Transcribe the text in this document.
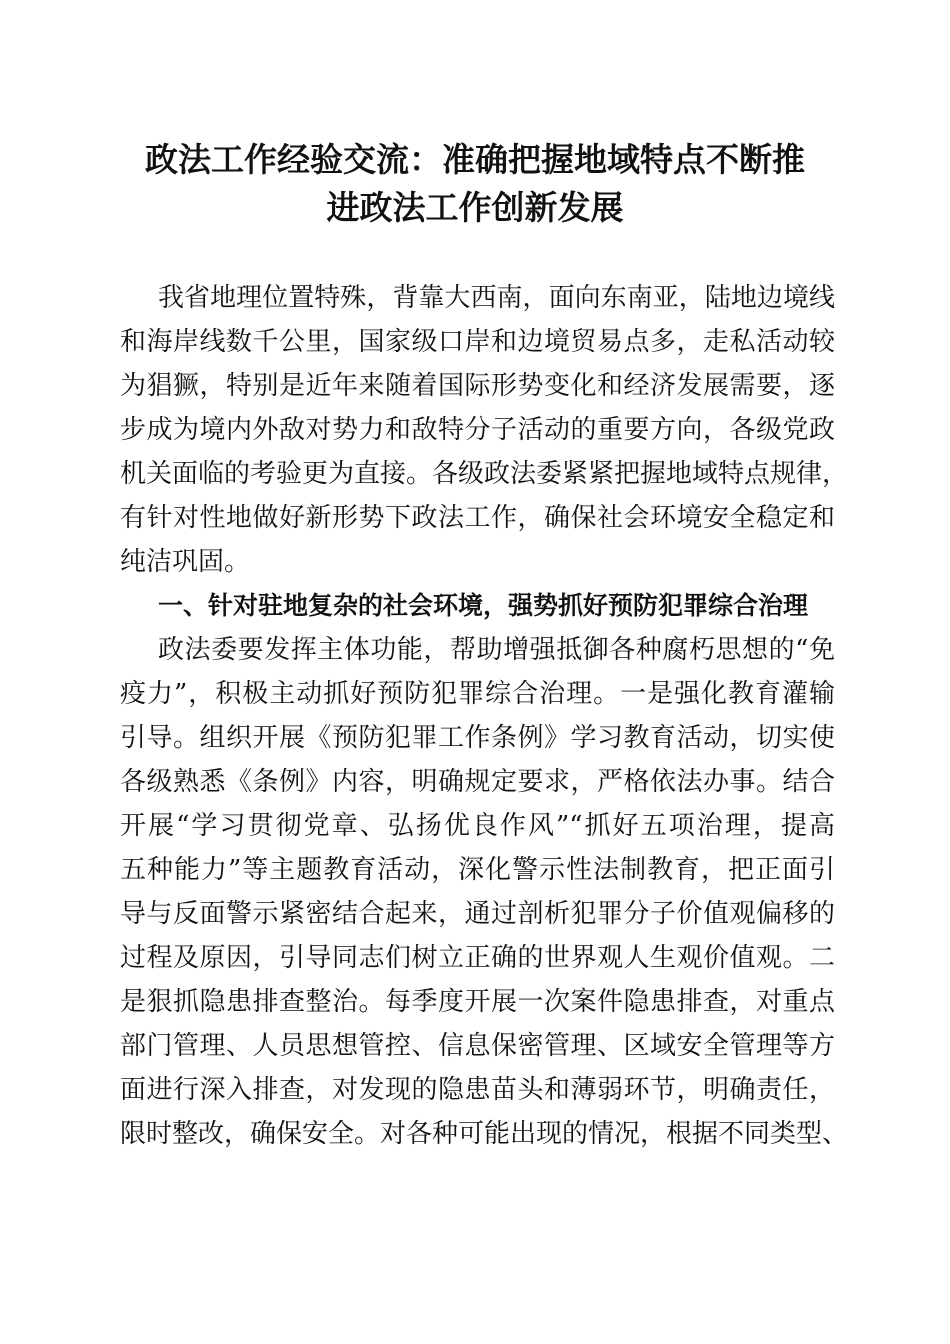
政法工作经验交流：准确把握地域特点不断推
进政法工作创新发展
我省地理位置特殊，背靠大西南，面向东南亚，陆地边境线
和海岸线数千公里，国家级口岸和边境贸易点多，走私活动较
为猖獗，特别是近年来随着国际形势变化和经济发展需要，逐
步成为境内外敌对势力和敌特分子活动的重要方向，各级党政
机关面临的考验更为直接。各级政法委紧紧把握地域特点规律，
有针对性地做好新形势下政法工作，确保社会环境安全稳定和
纯洁巩固。
一、针对驻地复杂的社会环境，强势抓好预防犯罪综合治理
政法委要发挥主体功能，帮助增强抵御各种腐朽思想的“免
疫力”，积极主动抓好预防犯罪综合治理。一是强化教育灌输
引导。组织开展《预防犯罪工作条例》学习教育活动，切实使
各级熟悉《条例》内容，明确规定要求，严格依法办事。结合
开展“学习贯彻党章、弘扬优良作风”“抓好五项治理，提高
五种能力”等主题教育活动，深化警示性法制教育，把正面引
导与反面警示紧密结合起来，通过剖析犯罪分子价值观偏移的
过程及原因，引导同志们树立正确的世界观人生观价值观。二
是狠抓隐患排查整治。每季度开展一次案件隐患排查，对重点
部门管理、人员思想管控、信息保密管理、区域安全管理等方
面进行深入排查，对发现的隐患苗头和薄弱环节，明确责任，
限时整改，确保安全。对各种可能出现的情况，根据不同类型、
